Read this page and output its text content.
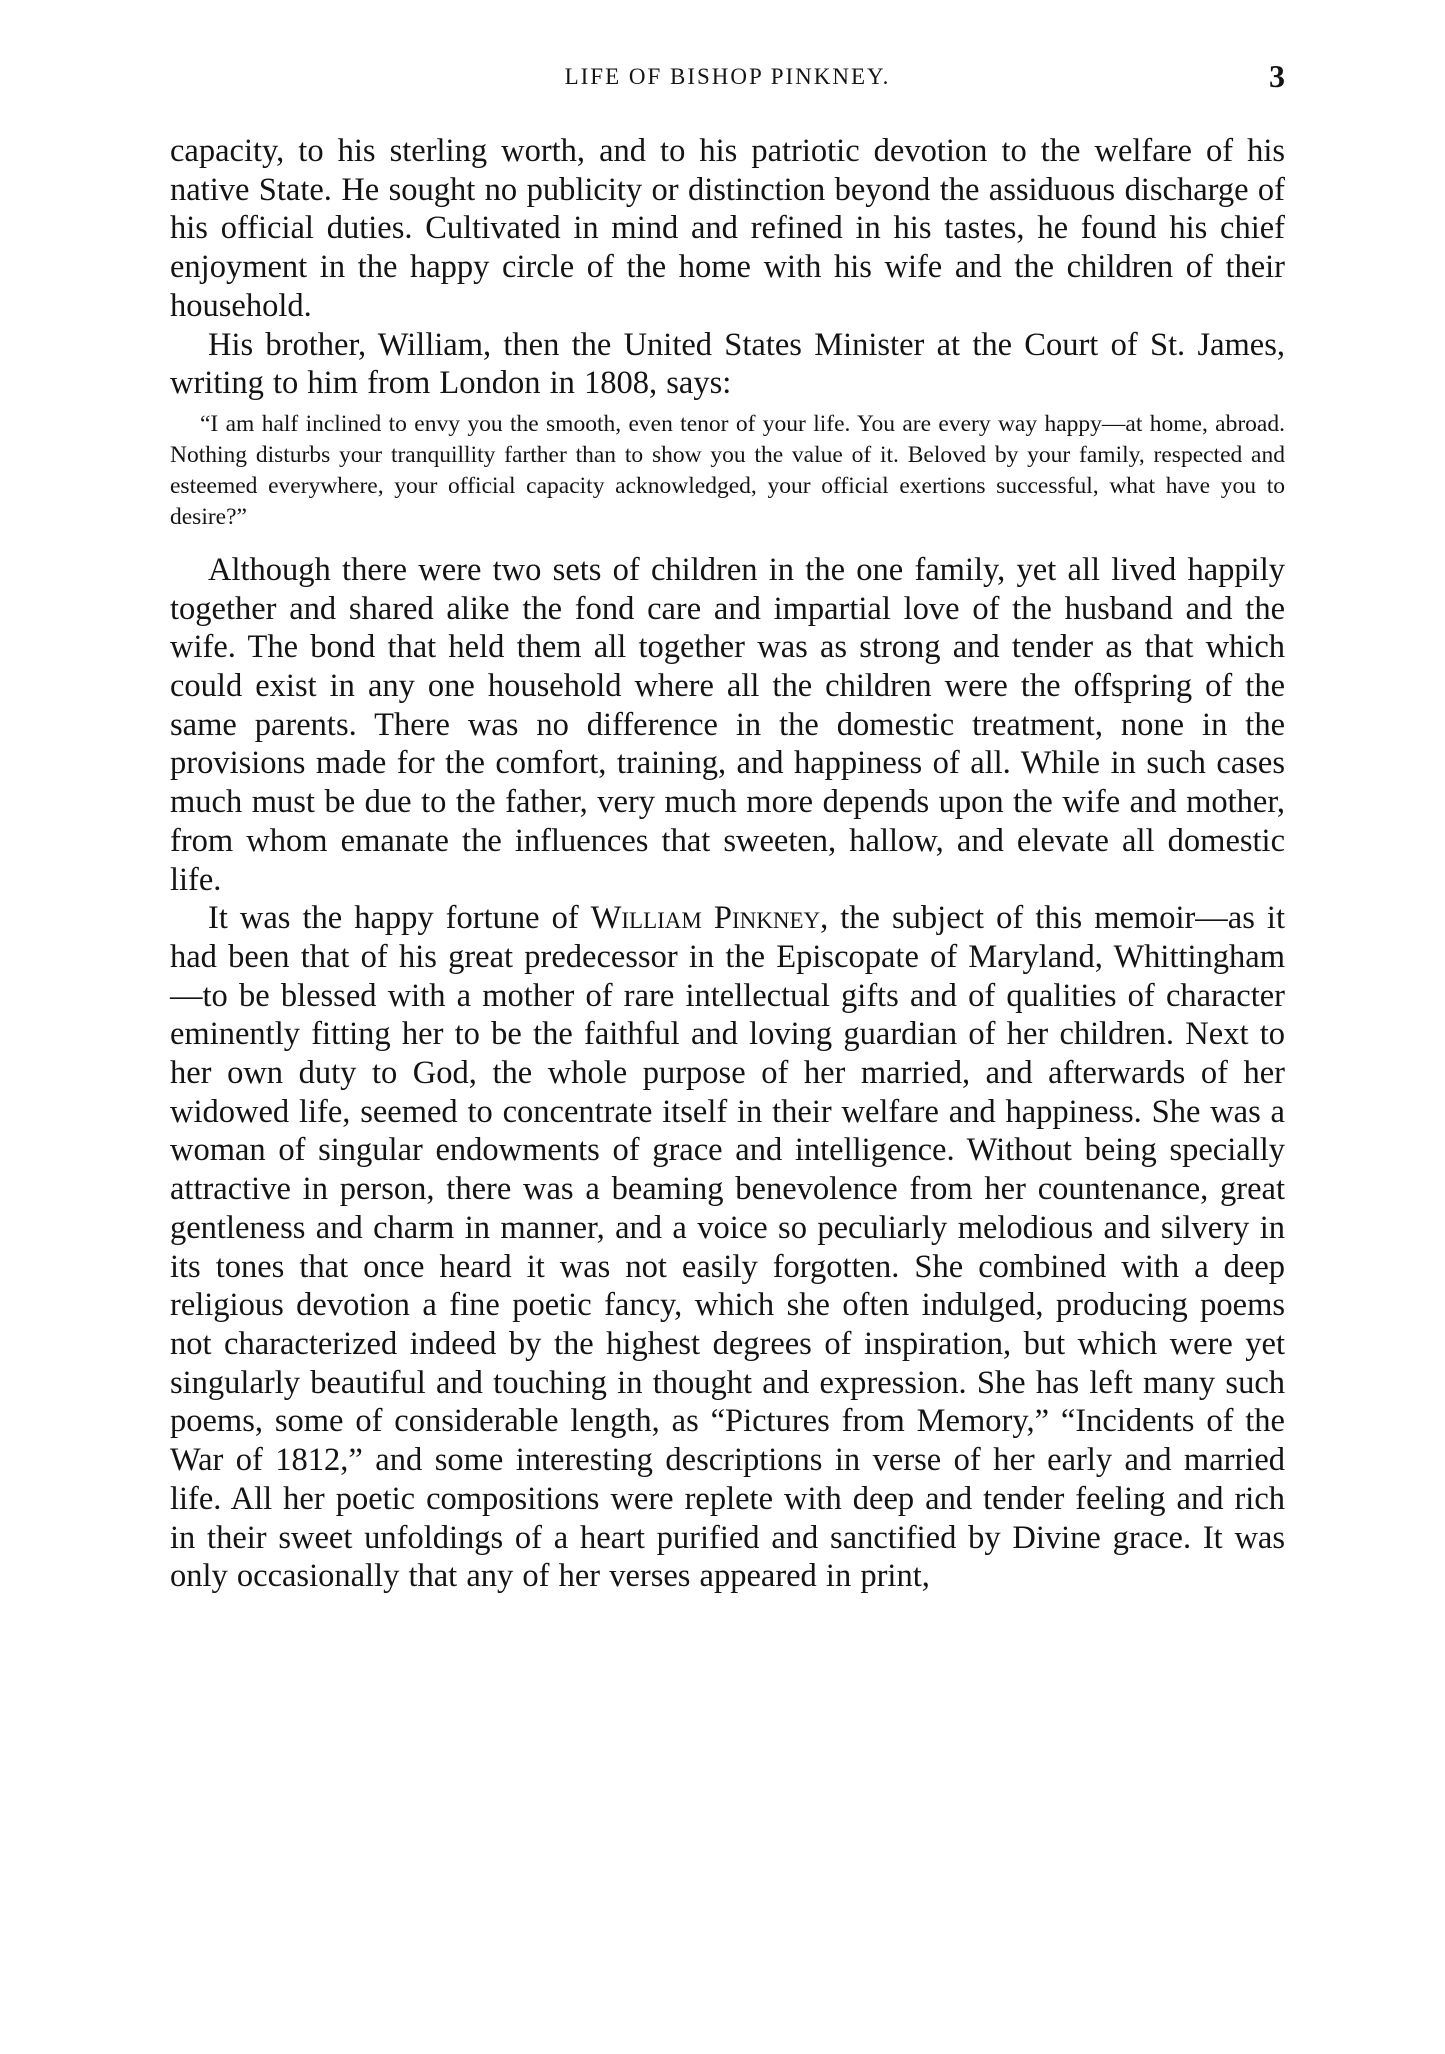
LIFE OF BISHOP PINKNEY.	3

capacity, to his sterling worth, and to his patriotic devotion to the welfare of his native State. He sought no publicity or distinction beyond the assiduous discharge of his official duties. Cultivated in mind and refined in his tastes, he found his chief enjoyment in the happy circle of the home with his wife and the children of their household.

His brother, William, then the United States Minister at the Court of St. James, writing to him from London in 1808, says:

“I am half inclined to envy you the smooth, even tenor of your life. You are every way happy—at home, abroad. Nothing disturbs your tranquillity farther than to show you the value of it. Beloved by your family, respected and esteemed everywhere, your official capacity acknowledged, your official exertions successful, what have you to desire?”

Although there were two sets of children in the one family, yet all lived happily together and shared alike the fond care and impartial love of the husband and the wife. The bond that held them all together was as strong and tender as that which could exist in any one household where all the children were the offspring of the same parents. There was no difference in the domestic treatment, none in the provisions made for the comfort, training, and happiness of all. While in such cases much must be due to the father, very much more depends upon the wife and mother, from whom emanate the influences that sweeten, hallow, and elevate all domestic life.

It was the happy fortune of William Pinkney, the subject of this memoir—as it had been that of his great predecessor in the Episcopate of Maryland, Whittingham—to be blessed with a mother of rare intellectual gifts and of qualities of character eminently fitting her to be the faithful and loving guardian of her children. Next to her own duty to God, the whole purpose of her married, and afterwards of her widowed life, seemed to concentrate itself in their welfare and happiness. She was a woman of singular endowments of grace and intelligence. Without being specially attractive in person, there was a beaming benevolence from her countenance, great gentleness and charm in manner, and a voice so peculiarly melodious and silvery in its tones that once heard it was not easily forgotten. She combined with a deep religious devotion a fine poetic fancy, which she often indulged, producing poems not characterized indeed by the highest degrees of inspiration, but which were yet singularly beautiful and touching in thought and expression. She has left many such poems, some of considerable length, as “Pictures from Memory,” “Incidents of the War of 1812,” and some interesting descriptions in verse of her early and married life. All her poetic compositions were replete with deep and tender feeling and rich in their sweet unfoldings of a heart purified and sanctified by Divine grace. It was only occasionally that any of her verses appeared in print,
